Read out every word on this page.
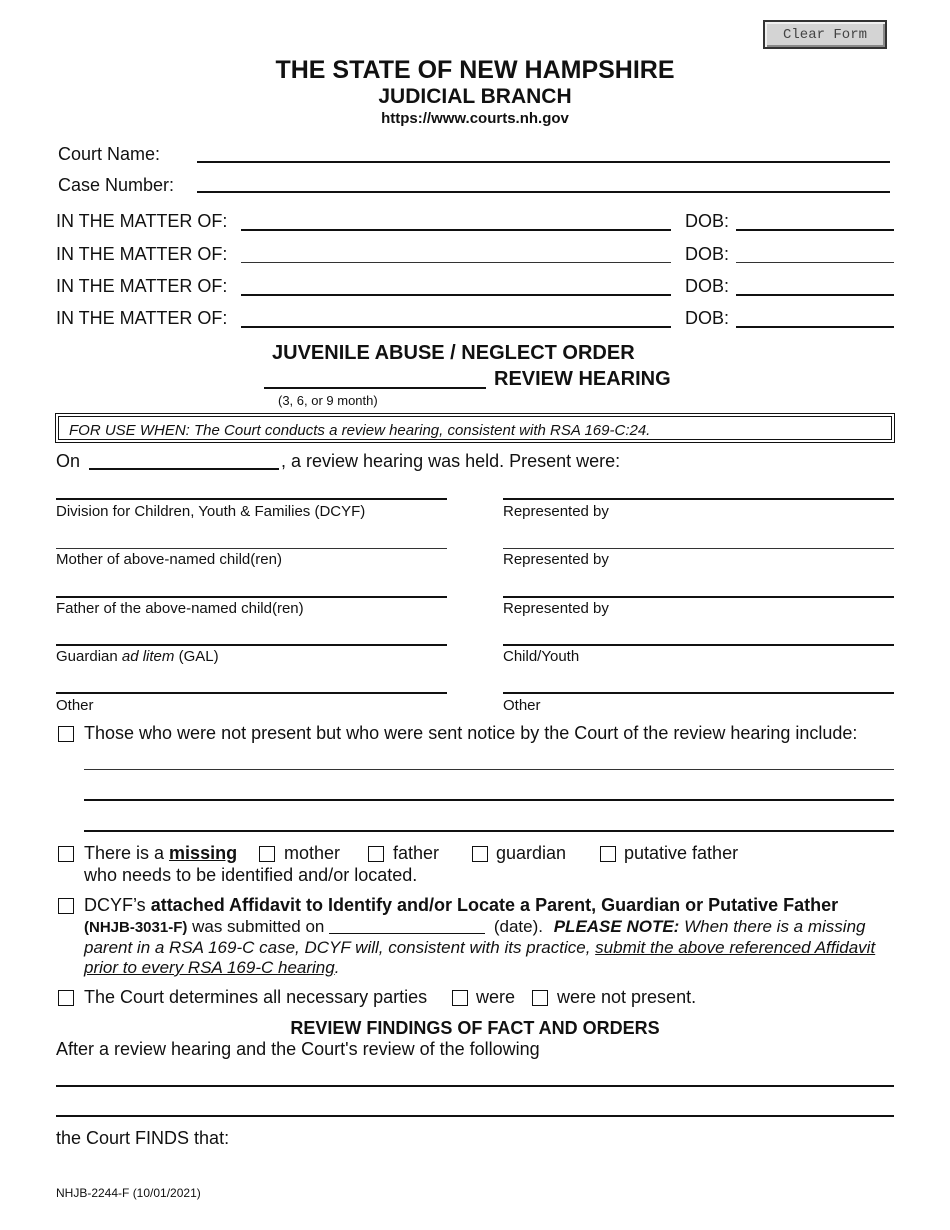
Clear Form
THE STATE OF NEW HAMPSHIRE
JUDICIAL BRANCH
https://www.courts.nh.gov
Court Name:
Case Number:
IN THE MATTER OF:	DOB:
IN THE MATTER OF:	DOB:
IN THE MATTER OF:	DOB:
IN THE MATTER OF:	DOB:
JUVENILE ABUSE / NEGLECT ORDER
REVIEW HEARING
(3, 6, or 9 month)
FOR USE WHEN: The Court conducts a review hearing, consistent with RSA 169-C:24.
On	, a review hearing was held. Present were:
Division for Children, Youth & Families (DCYF)	Represented by
Mother of above-named child(ren)	Represented by
Father of the above-named child(ren)	Represented by
Guardian ad litem (GAL)	Child/Youth
Other	Other
Those who were not present but who were sent notice by the Court of the review hearing include:
There is a missing	mother	father	guardian	putative father
who needs to be identified and/or located.
DCYF’s attached Affidavit to Identify and/or Locate a Parent, Guardian or Putative Father
(NHJB-3031-F) was submitted on	(date). PLEASE NOTE: When there is a missing
parent in a RSA 169-C case, DCYF will, consistent with its practice, submit the above referenced Affidavit
prior to every RSA 169-C hearing.
The Court determines all necessary parties	were were not present.
REVIEW FINDINGS OF FACT AND ORDERS
After a review hearing and the Court's review of the following
the Court FINDS that:
NHJB-2244-F (10/01/2021)
